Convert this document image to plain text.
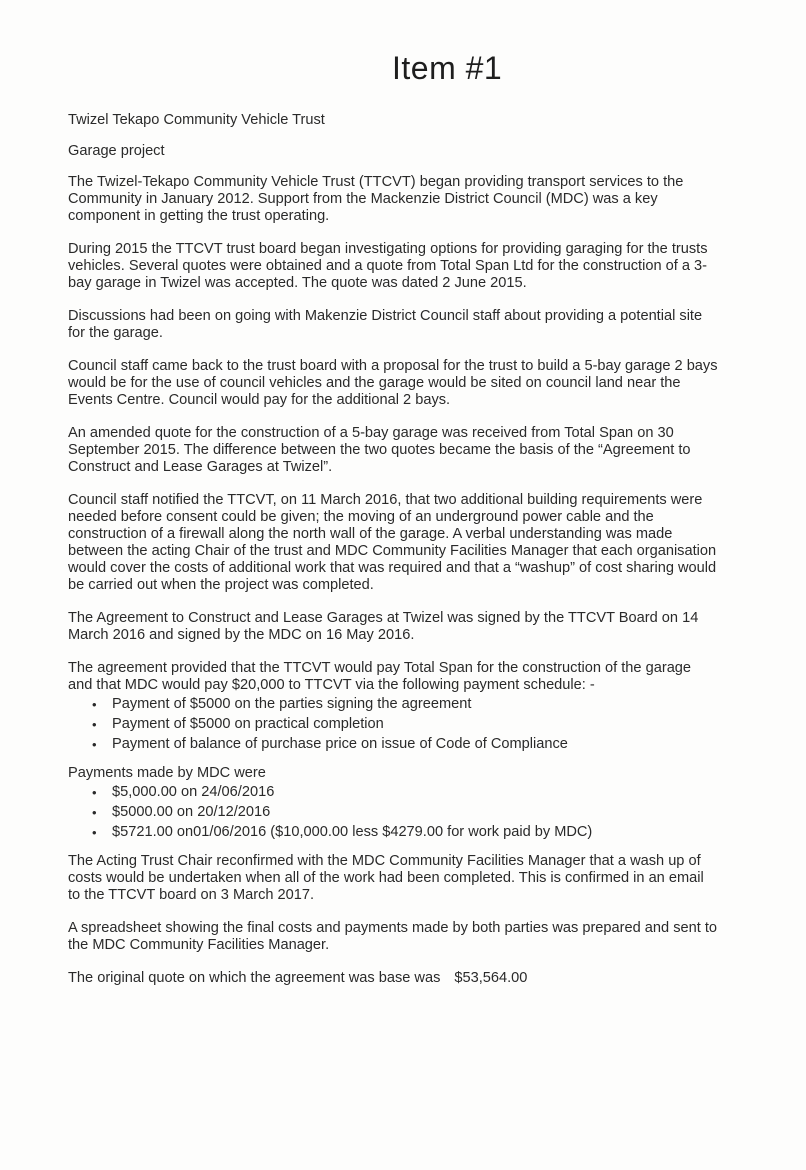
Item #1

Twizel Tekapo Community Vehicle Trust

Garage project

The Twizel-Tekapo Community Vehicle Trust (TTCVT) began providing transport services to the Community in January 2012. Support from the Mackenzie District Council (MDC) was a key component in getting the trust operating.

During 2015 the TTCVT trust board began investigating options for providing garaging for the trusts vehicles. Several quotes were obtained and a quote from Total Span Ltd for the construction of a 3-bay garage in Twizel was accepted. The quote was dated 2 June 2015.

Discussions had been on going with Makenzie District Council staff about providing a potential site for the garage.

Council staff came back to the trust board with a proposal for the trust to build a 5-bay garage 2 bays would be for the use of council vehicles and the garage would be sited on council land near the Events Centre. Council would pay for the additional 2 bays.

An amended quote for the construction of a 5-bay garage was received from Total Span on 30 September 2015. The difference between the two quotes became the basis of the “Agreement to Construct and Lease Garages at Twizel”.

Council staff notified the TTCVT, on 11 March 2016, that two additional building requirements were needed before consent could be given; the moving of an underground power cable and the construction of a firewall along the north wall of the garage. A verbal understanding was made between the acting Chair of the trust and MDC Community Facilities Manager that each organisation would cover the costs of additional work that was required and that a “washup” of cost sharing would be carried out when the project was completed.

The Agreement to Construct and Lease Garages at Twizel was signed by the TTCVT Board on 14 March 2016 and signed by the MDC on 16 May 2016.

The agreement provided that the TTCVT would pay Total Span for the construction of the garage and that MDC would pay $20,000 to TTCVT via the following payment schedule: -

• Payment of $5000 on the parties signing the agreement
• Payment of $5000 on practical completion
• Payment of balance of purchase price on issue of Code of Compliance

Payments made by MDC were

• $5,000.00 on 24/06/2016
• $5000.00 on 20/12/2016
• $5721.00 on01/06/2016 ($10,000.00 less $4279.00 for work paid by MDC)

The Acting Trust Chair reconfirmed with the MDC Community Facilities Manager that a wash up of costs would be undertaken when all of the work had been completed. This is confirmed in an email to the TTCVT board on 3 March 2017.

A spreadsheet showing the final costs and payments made by both parties was prepared and sent to the MDC Community Facilities Manager.

The original quote on which the agreement was base was $53,564.00
